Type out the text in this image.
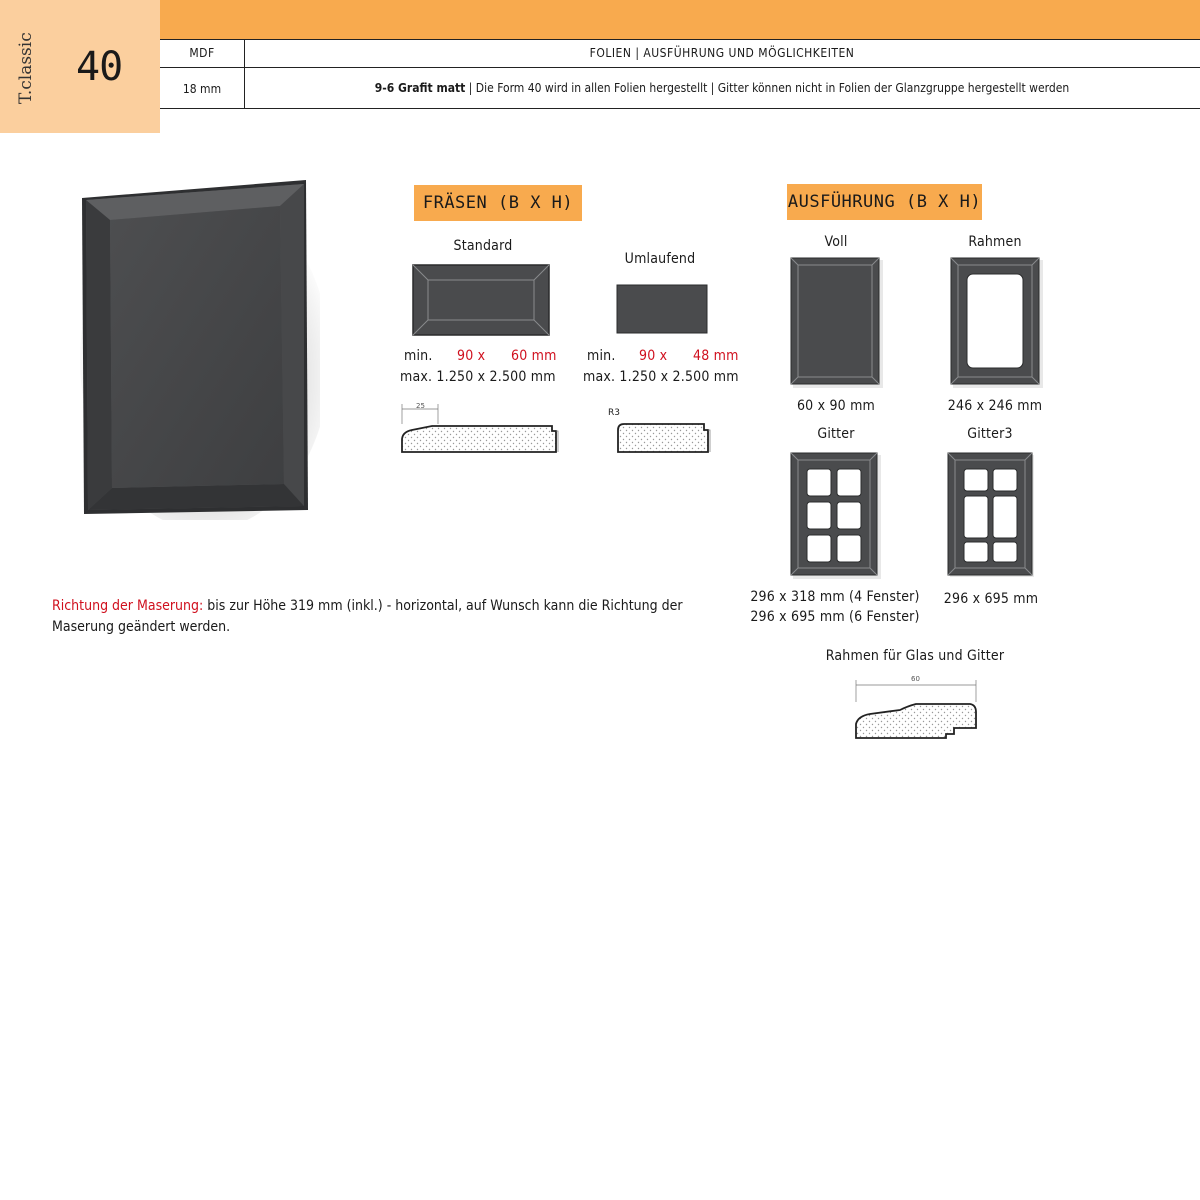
T.classic 40	MDF	FOLIEN | AUSFÜHRUNG UND MÖGLICHKEITEN
18 mm	9-6 Grafit matt | Die Form 40 wird in allen Folien hergestellt | Gitter können nicht in Folien der Glanzgruppe hergestellt werden
FRÄSEN (B X H)
Standard
min. 90 x 60 mm
max. 1.250 x 2.500 mm
25
Umlaufend
min. 90 x 48 mm
max. 1.250 x 2.500 mm
R3
AUSFÜHRUNG (B X H)
Voll
60 x 90 mm
Rahmen
246 x 246 mm
Gitter
296 x 318 mm (4 Fenster)
296 x 695 mm (6 Fenster)
Gitter3
296 x 695 mm
Rahmen für Glas und Gitter
60
Richtung der Maserung: bis zur Höhe 319 mm (inkl.) - horizontal, auf Wunsch kann die Richtung der Maserung geändert werden.
